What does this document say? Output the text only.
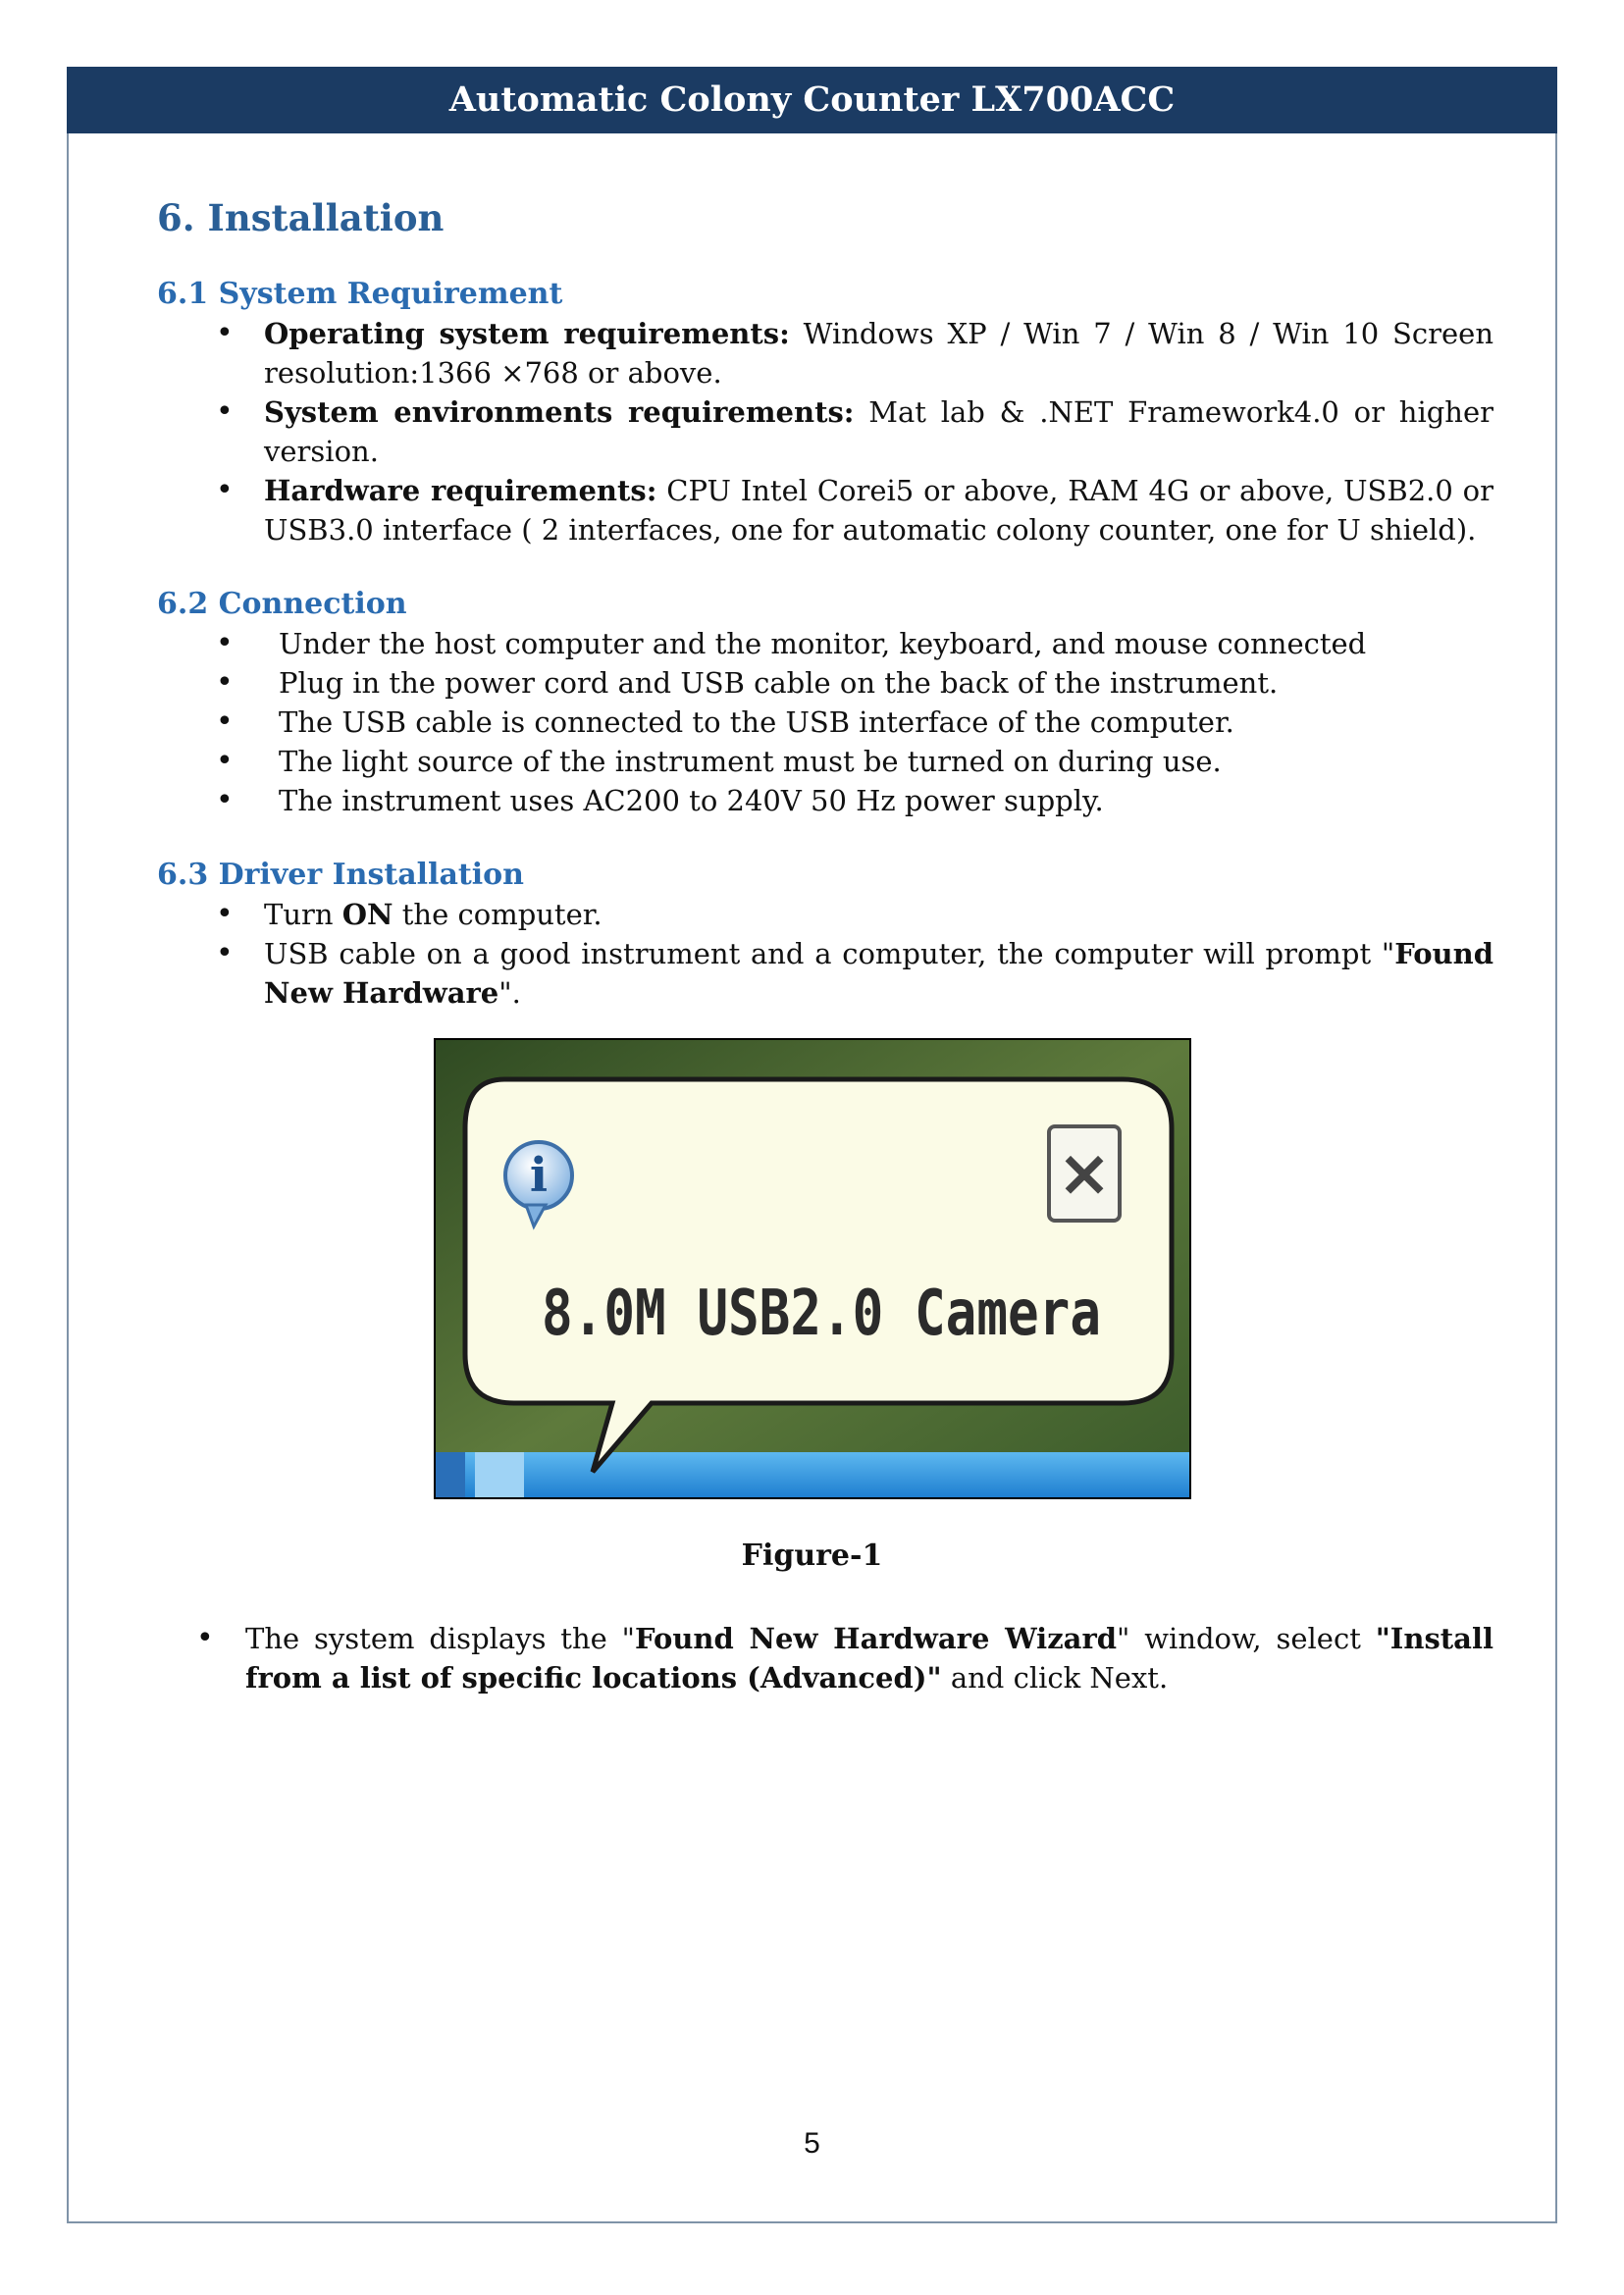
Automatic Colony Counter LX700ACC
6. Installation
6.1 System Requirement
• Operating system requirements: Windows XP / Win 7 / Win 8 / Win 10 Screen resolution:1366 ×768 or above.
• System environments requirements: Mat lab & .NET Framework4.0 or higher version.
• Hardware requirements: CPU Intel Corei5 or above, RAM 4G or above, USB2.0 or USB3.0 interface ( 2 interfaces, one for automatic colony counter, one for U shield).
6.2 Connection
• Under the host computer and the monitor, keyboard, and mouse connected
• Plug in the power cord and USB cable on the back of the instrument.
• The USB cable is connected to the USB interface of the computer.
• The light source of the instrument must be turned on during use.
• The instrument uses AC200 to 240V 50 Hz power supply.
6.3 Driver Installation
• Turn ON the computer.
• USB cable on a good instrument and a computer, the computer will prompt "Found New Hardware".
i	×
8.0M USB2.0 Camera
Figure-1
• The system displays the "Found New Hardware Wizard" window, select "Install from a list of specific locations (Advanced)" and click Next.
5
